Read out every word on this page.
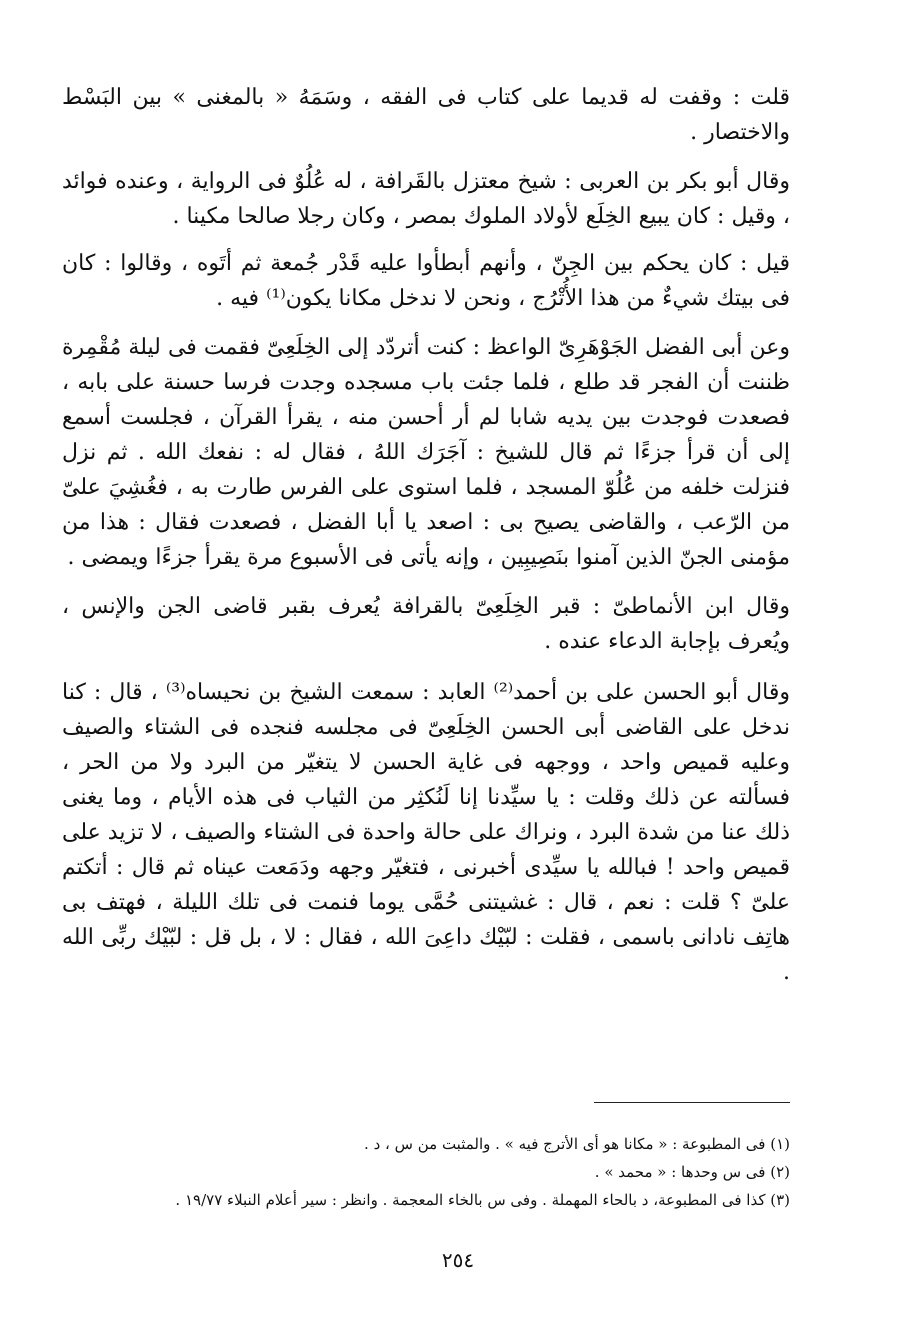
قلت : وقفت له قديما على كتاب فى الفقه ، وسَمَهُ « بالمغنى » بين البَسْط والاختصار .

وقال أبو بكر بن العربى : شيخ معتزل بالقَرافة ، له عُلُوٌ فى الرواية ، وعنده فوائد ، وقيل : كان يبيع الخِلَع لأولاد الملوك بمصر ، وكان رجلا صالحا مكينا .

قيل : كان يحكم بين الجِنّ ، وأنهم أبطأوا عليه قَدْر جُمعة ثم أتَوه ، وقالوا : كان فى بيتك شيءٌ من هذا الأُتْرُج ، ونحن لا ندخل مكانا يكون⁽¹⁾ فيه .

وعن أبى الفضل الجَوْهَرِىّ الواعظ : كنت أتردّد إلى الخِلَعِىّ فقمت فى ليلة مُقْمِرة ظننت أن الفجر قد طلع ، فلما جئت باب مسجده وجدت فرسا حسنة على بابه ، فصعدت فوجدت بين يديه شابا لم أر أحسن منه ، يقرأ القرآن ، فجلست أسمع إلى أن قرأ جزءًا ثم قال للشيخ : آجَرَك اللهُ ، فقال له : نفعك الله . ثم نزل فنزلت خلفه من عُلُوّ المسجد ، فلما استوى على الفرس طارت به ، فغُشِيَ علىّ من الرّعب ، والقاضى يصيح بى : اصعد يا أبا الفضل ، فصعدت فقال : هذا من مؤمنى الجنّ الذين آمنوا بنَصِيبِين ، وإنه يأتى فى الأسبوع مرة يقرأ جزءًا ويمضى .

وقال ابن الأنماطىّ : قبر الخِلَعِىّ بالقرافة يُعرف بقبر قاضى الجن والإنس ، ويُعرف بإجابة الدعاء عنده .

وقال أبو الحسن على بن أحمد⁽²⁾ العابد : سمعت الشيخ بن نحيساه⁽³⁾ ، قال : كنا ندخل على القاضى أبى الحسن الخِلَعِىّ فى مجلسه فنجده فى الشتاء والصيف وعليه قميص واحد ، ووجهه فى غاية الحسن لا يتغيّر من البرد ولا من الحر ، فسألته عن ذلك وقلت : يا سيِّدنا إنا لَنُكثِر من الثياب فى هذه الأيام ، وما يغنى ذلك عنا من شدة البرد ، ونراك على حالة واحدة فى الشتاء والصيف ، لا تزيد على قميص واحد ! فبالله يا سيِّدى أخبرنى ، فتغيّر وجهه ودَمَعت عيناه ثم قال : أتكتم علىّ ؟ قلت : نعم ، قال : غشيتنى حُمَّى يوما فنمت فى تلك الليلة ، فهتف بى هاتِف نادانى باسمى ، فقلت : لبّيْك داعِىَ الله ، فقال : لا ، بل قل : لبّيْك ربِّى الله .

(١) فى المطبوعة : « مكانا هو أى الأترج فيه » . والمثبت من س ، د .

(٢) فى س وحدها : « محمد » .

(٣) كذا فى المطبوعة، د بالحاء المهملة . وفى س بالخاء المعجمة . وانظر : سير أعلام النبلاء ١٩/٧٧ .

٢٥٤
